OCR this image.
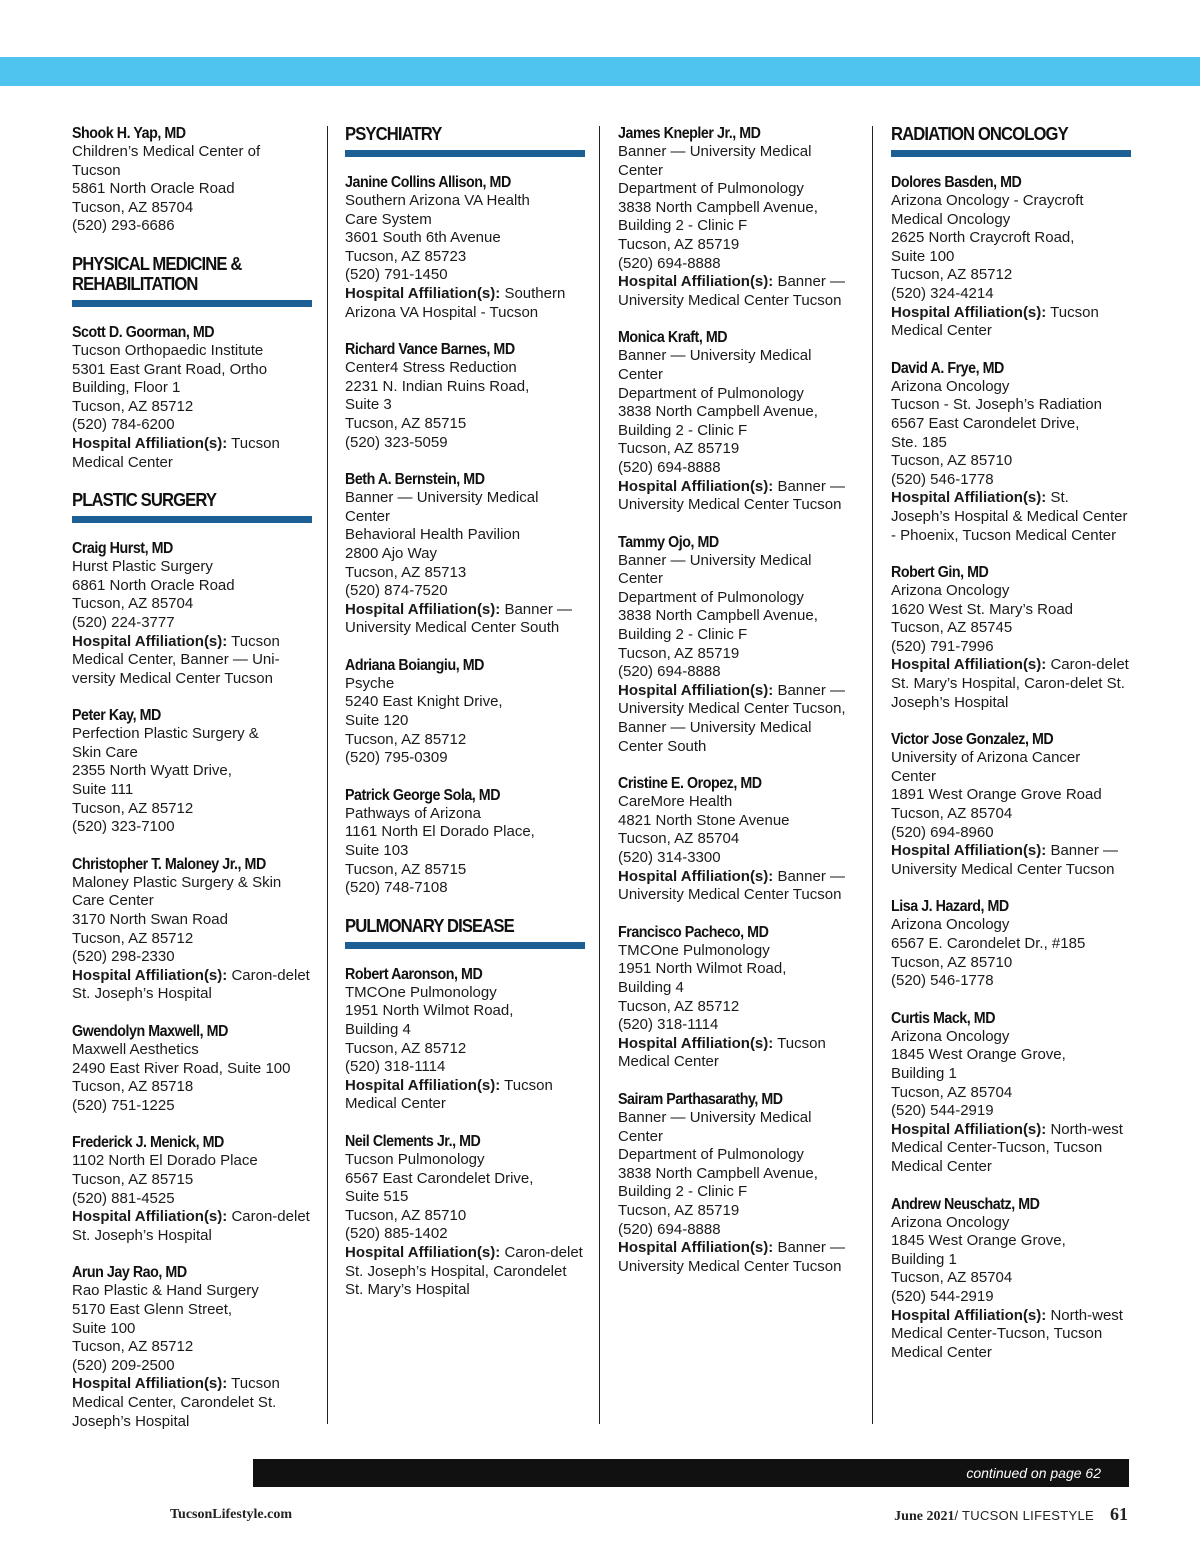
Shook H. Yap, MD
Children’s Medical Center of
Tucson
5861 North Oracle Road
Tucson, AZ 85704
(520) 293-6686
PHYSICAL MEDICINE &
REHABILITATION
Scott D. Goorman, MD
Tucson Orthopaedic Institute
5301 East Grant Road, Ortho
Building, Floor 1
Tucson, AZ 85712
(520) 784-6200
Hospital Affiliation(s): Tucson Medical Center
PLASTIC SURGERY
Craig Hurst, MD
Hurst Plastic Surgery
6861 North Oracle Road
Tucson, AZ 85704
(520) 224-3777
Hospital Affiliation(s): Tucson Medical Center, Banner — Uni-versity Medical Center Tucson
Peter Kay, MD
Perfection Plastic Surgery &
Skin Care
2355 North Wyatt Drive,
Suite 111
Tucson, AZ 85712
(520) 323-7100
Christopher T. Maloney Jr., MD
Maloney Plastic Surgery & Skin
Care Center
3170 North Swan Road
Tucson, AZ 85712
(520) 298-2330
Hospital Affiliation(s): Caron-delet St. Joseph’s Hospital
Gwendolyn Maxwell, MD
Maxwell Aesthetics
2490 East River Road, Suite 100
Tucson, AZ 85718
(520) 751-1225
Frederick J. Menick, MD
1102 North El Dorado Place
Tucson, AZ 85715
(520) 881-4525
Hospital Affiliation(s): Caron-delet St. Joseph’s Hospital
Arun Jay Rao, MD
Rao Plastic & Hand Surgery
5170 East Glenn Street,
Suite 100
Tucson, AZ 85712
(520) 209-2500
Hospital Affiliation(s): Tucson Medical Center, Carondelet St. Joseph’s Hospital
PSYCHIATRY
Janine Collins Allison, MD
Southern Arizona VA Health
Care System
3601 South 6th Avenue
Tucson, AZ 85723
(520) 791-1450
Hospital Affiliation(s): Southern Arizona VA Hospital - Tucson
Richard Vance Barnes, MD
Center4 Stress Reduction
2231 N. Indian Ruins Road,
Suite 3
Tucson, AZ 85715
(520) 323-5059
Beth A. Bernstein, MD
Banner — University Medical
Center
Behavioral Health Pavilion
2800 Ajo Way
Tucson, AZ 85713
(520) 874-7520
Hospital Affiliation(s): Banner — University Medical Center South
Adriana Boiangiu, MD
Psyche
5240 East Knight Drive,
Suite 120
Tucson, AZ 85712
(520) 795-0309
Patrick George Sola, MD
Pathways of Arizona
1161 North El Dorado Place,
Suite 103
Tucson, AZ 85715
(520) 748-7108
PULMONARY DISEASE
Robert Aaronson, MD
TMCOne Pulmonology
1951 North Wilmot Road,
Building 4
Tucson, AZ 85712
(520) 318-1114
Hospital Affiliation(s): Tucson Medical Center
Neil Clements Jr., MD
Tucson Pulmonology
6567 East Carondelet Drive,
Suite 515
Tucson, AZ 85710
(520) 885-1402
Hospital Affiliation(s): Caron-delet St. Joseph’s Hospital, Carondelet St. Mary’s Hospital
James Knepler Jr., MD
Banner — University Medical
Center
Department of Pulmonology
3838 North Campbell Avenue,
Building 2 - Clinic F
Tucson, AZ 85719
(520) 694-8888
Hospital Affiliation(s): Banner — University Medical Center Tucson
Monica Kraft, MD
Banner — University Medical
Center
Department of Pulmonology
3838 North Campbell Avenue,
Building 2 - Clinic F
Tucson, AZ 85719
(520) 694-8888
Hospital Affiliation(s): Banner — University Medical Center Tucson
Tammy Ojo, MD
Banner — University Medical
Center
Department of Pulmonology
3838 North Campbell Avenue,
Building 2 - Clinic F
Tucson, AZ 85719
(520) 694-8888
Hospital Affiliation(s): Banner — University Medical Center Tucson, Banner — University Medical Center South
Cristine E. Oropez, MD
CareMore Health
4821 North Stone Avenue
Tucson, AZ 85704
(520) 314-3300
Hospital Affiliation(s): Banner — University Medical Center Tucson
Francisco Pacheco, MD
TMCOne Pulmonology
1951 North Wilmot Road,
Building 4
Tucson, AZ 85712
(520) 318-1114
Hospital Affiliation(s): Tucson Medical Center
Sairam Parthasarathy, MD
Banner — University Medical
Center
Department of Pulmonology
3838 North Campbell Avenue,
Building 2 - Clinic F
Tucson, AZ 85719
(520) 694-8888
Hospital Affiliation(s): Banner — University Medical Center Tucson
RADIATION ONCOLOGY
Dolores Basden, MD
Arizona Oncology - Craycroft
Medical Oncology
2625 North Craycroft Road,
Suite 100
Tucson, AZ 85712
(520) 324-4214
Hospital Affiliation(s): Tucson Medical Center
David A. Frye, MD
Arizona Oncology
Tucson - St. Joseph’s Radiation
6567 East Carondelet Drive,
Ste. 185
Tucson, AZ 85710
(520) 546-1778
Hospital Affiliation(s): St. Joseph’s Hospital & Medical Center - Phoenix, Tucson Medical Center
Robert Gin, MD
Arizona Oncology
1620 West St. Mary’s Road
Tucson, AZ 85745
(520) 791-7996
Hospital Affiliation(s): Caron-delet St. Mary’s Hospital, Caron-delet St. Joseph’s Hospital
Victor Jose Gonzalez, MD
University of Arizona Cancer
Center
1891 West Orange Grove Road
Tucson, AZ 85704
(520) 694-8960
Hospital Affiliation(s): Banner — University Medical Center Tucson
Lisa J. Hazard, MD
Arizona Oncology
6567 E. Carondelet Dr., #185
Tucson, AZ 85710
(520) 546-1778
Curtis Mack, MD
Arizona Oncology
1845 West Orange Grove,
Building 1
Tucson, AZ 85704
(520) 544-2919
Hospital Affiliation(s): North-west Medical Center-Tucson, Tucson Medical Center
Andrew Neuschatz, MD
Arizona Oncology
1845 West Orange Grove,
Building 1
Tucson, AZ 85704
(520) 544-2919
Hospital Affiliation(s): North-west Medical Center-Tucson, Tucson Medical Center
continued on page 62
TucsonLifestyle.com	June 2021/ TUCSON LIFESTYLE 61
